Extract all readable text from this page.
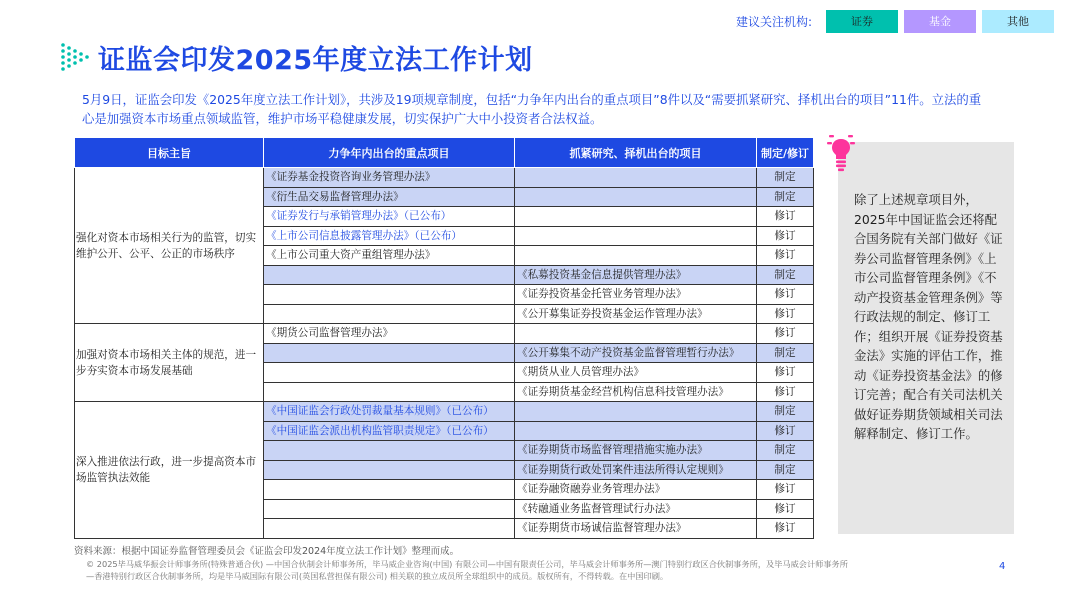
建议关注机构:	证券	基金	其他
证监会印发2025年度立法工作计划
5月9日，证监会印发《2025年度立法工作计划》，共涉及19项规章制度，包括“力争年内出台的重点项目”8件以及“需要抓紧研究、择机出台的项目”11件。立法的重心是加强资本市场重点领域监管，维护市场平稳健康发展，切实保护广大中小投资者合法权益。
目标主旨	力争年内出台的重点项目	抓紧研究、择机出台的项目	制定/修订
强化对资本市场相关行为的监管，切实维护公开、公平、公正的市场秩序	《证券基金投资咨询业务管理办法》		制定
	《衍生品交易监督管理办法》		制定
	《证券发行与承销管理办法》（已公布）		修订
	《上市公司信息披露管理办法》（已公布）		修订
	《上市公司重大资产重组管理办法》		修订
		《私募投资基金信息提供管理办法》	制定
		《证券投资基金托管业务管理办法》	修订
		《公开募集证券投资基金运作管理办法》	修订
加强对资本市场相关主体的规范，进一步夯实资本市场发展基础	《期货公司监督管理办法》		修订
		《公开募集不动产投资基金监督管理暂行办法》	制定
		《期货从业人员管理办法》	修订
		《证券期货基金经营机构信息科技管理办法》	修订
深入推进依法行政，进一步提高资本市场监管执法效能	《中国证监会行政处罚裁量基本规则》（已公布）		制定
	《中国证监会派出机构监管职责规定》（已公布）		修订
		《证券期货市场监督管理措施实施办法》	制定
		《证券期货行政处罚案件违法所得认定规则》	制定
		《证券融资融券业务管理办法》	修订
		《转融通业务监督管理试行办法》	修订
		《证券期货市场诚信监督管理办法》	修订
除了上述规章项目外，2025年中国证监会还将配合国务院有关部门做好《证券公司监督管理条例》《上市公司监督管理条例》《不动产投资基金管理条例》等行政法规的制定、修订工作；组织开展《证券投资基金法》实施的评估工作，推动《证券投资基金法》的修订完善；配合有关司法机关做好证券期货领域相关司法解释制定、修订工作。
资料来源：根据中国证券监督管理委员会《证监会印发2024年度立法工作计划》整理而成。
© 2025毕马威华振会计师事务所(特殊普通合伙) —中国合伙制会计师事务所，毕马威企业咨询(中国) 有限公司—中国有限责任公司，毕马威会计师事务所—澳门特别行政区合伙制事务所，及毕马威会计师事务所—香港特别行政区合伙制事务所，均是毕马威国际有限公司(英国私营担保有限公司) 相关联的独立成员所全球组织中的成员。版权所有，不得转载。在中国印刷。
4
